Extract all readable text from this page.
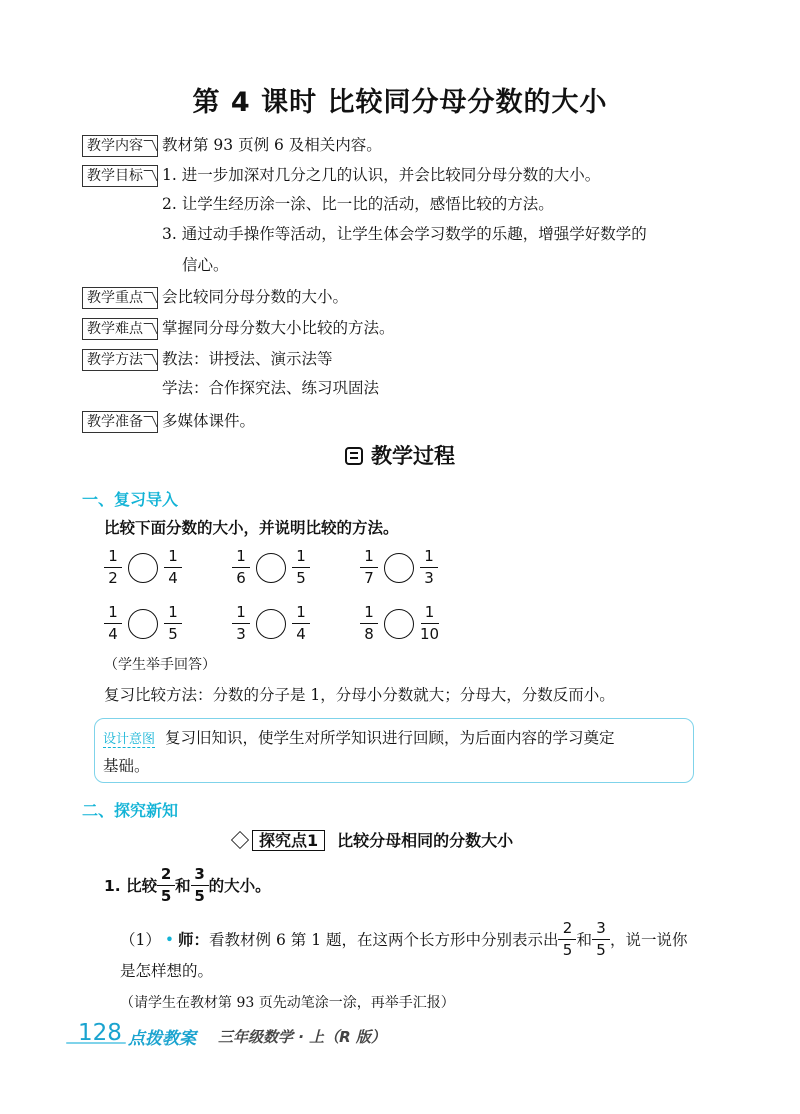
第 4 课时 比较同分母分数的大小
教学内容 教材第 93 页例 6 及相关内容。
教学目标 1. 进一步加深对几分之几的认识，并会比较同分母分数的大小。
2. 让学生经历涂一涂、比一比的活动，感悟比较的方法。
3. 通过动手操作等活动，让学生体会学习数学的乐趣，增强学好数学的
信心。
教学重点 会比较同分母分数的大小。
教学难点 掌握同分母分数大小比较的方法。
教学方法 教法：讲授法、演示法等
学法：合作探究法、练习巩固法
教学准备 多媒体课件。
教学过程
一、复习导入
比较下面分数的大小，并说明比较的方法。
$\frac{1}{2}$	$\frac{1}{4}$	$\frac{1}{6}$	$\frac{1}{5}$	$\frac{1}{7}$	$\frac{1}{3}$
$\frac{1}{4}$	$\frac{1}{5}$	$\frac{1}{3}$	$\frac{1}{4}$	$\frac{1}{8}$	$\frac{1}{10}$
（学生举手回答）
复习比较方法：分数的分子是 1，分母小分数就大；分母大，分数反而小。
设计意图 复习旧知识，使学生对所学知识进行回顾，为后面内容的学习奠定
基础。
二、探究新知
探究点1 比较分母相同的分数大小
1. 比较 $\frac{2}{5}$ 和 $\frac{3}{5}$ 的大小。
（1） • 师： 看教材例 6 第 1 题，在这两个长方形中分别表示出 $\frac{2}{5}$ 和 $\frac{3}{5}$ ，说一说你
是怎样想的。
（请学生在教材第 93 页先动笔涂一涂，再举手汇报）
128 点拨教案 三年级数学 · 上（R 版）
